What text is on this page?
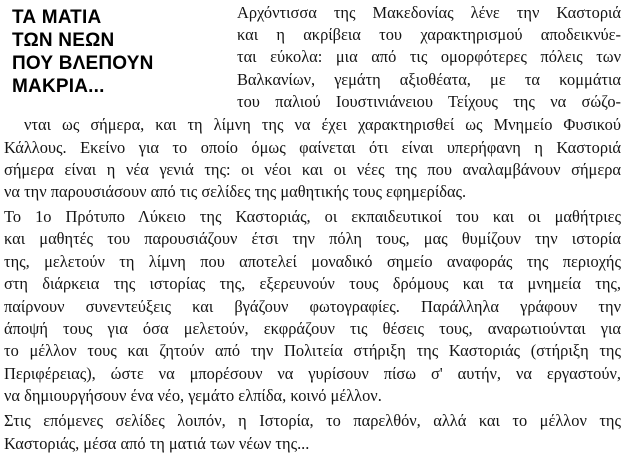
ΤΑ ΜΑΤΙΑ
ΤΩΝ ΝΕΩΝ
ΠΟΥ ΒΛΕΠΟΥΝ
ΜΑΚΡΙΑ...
Αρχόντισσα της Μακεδονίας λένε την Καστοριά
και η ακρίβεια του χαρακτηρισμού αποδεικνύε-
ται εύκολα: μια από τις ομορφότερες πόλεις των
Βαλκανίων, γεμάτη αξιοθέατα, με τα κομμάτια
του παλιού Ιουστινιάνειου Τείχους της να σώζο-
νται ως σήμερα, και τη λίμνη της να έχει χαρακτηρισθεί ως Μνημείο Φυσικού
Κάλλους. Εκείνο για το οποίο όμως φαίνεται ότι είναι υπερήφανη η Καστοριά
σήμερα είναι η νέα γενιά της: οι νέοι και οι νέες της που αναλαμβάνουν σήμερα
να την παρουσιάσουν από τις σελίδες της μαθητικής τους εφημερίδας.
Το 1ο Πρότυπο Λύκειο της Καστοριάς, οι εκπαιδευτικοί του και οι μαθήτριες
και μαθητές του παρουσιάζουν έτσι την πόλη τους, μας θυμίζουν την ιστορία
της, μελετούν τη λίμνη που αποτελεί μοναδικό σημείο αναφοράς της περιοχής
στη διάρκεια της ιστορίας της, εξερευνούν τους δρόμους και τα μνημεία της,
παίρνουν συνεντεύξεις και βγάζουν φωτογραφίες. Παράλληλα γράφουν την
άποψή τους για όσα μελετούν, εκφράζουν τις θέσεις τους, αναρωτιούνται για
το μέλλον τους και ζητούν από την Πολιτεία στήριξη της Καστοριάς (στήριξη της
Περιφέρειας), ώστε να μπορέσουν να γυρίσουν πίσω σ' αυτήν, να εργαστούν,
να δημιουργήσουν ένα νέο, γεμάτο ελπίδα, κοινό μέλλον.
Στις επόμενες σελίδες λοιπόν, η Ιστορία, το παρελθόν, αλλά και το μέλλον της
Καστοριάς, μέσα από τη ματιά των νέων της...
